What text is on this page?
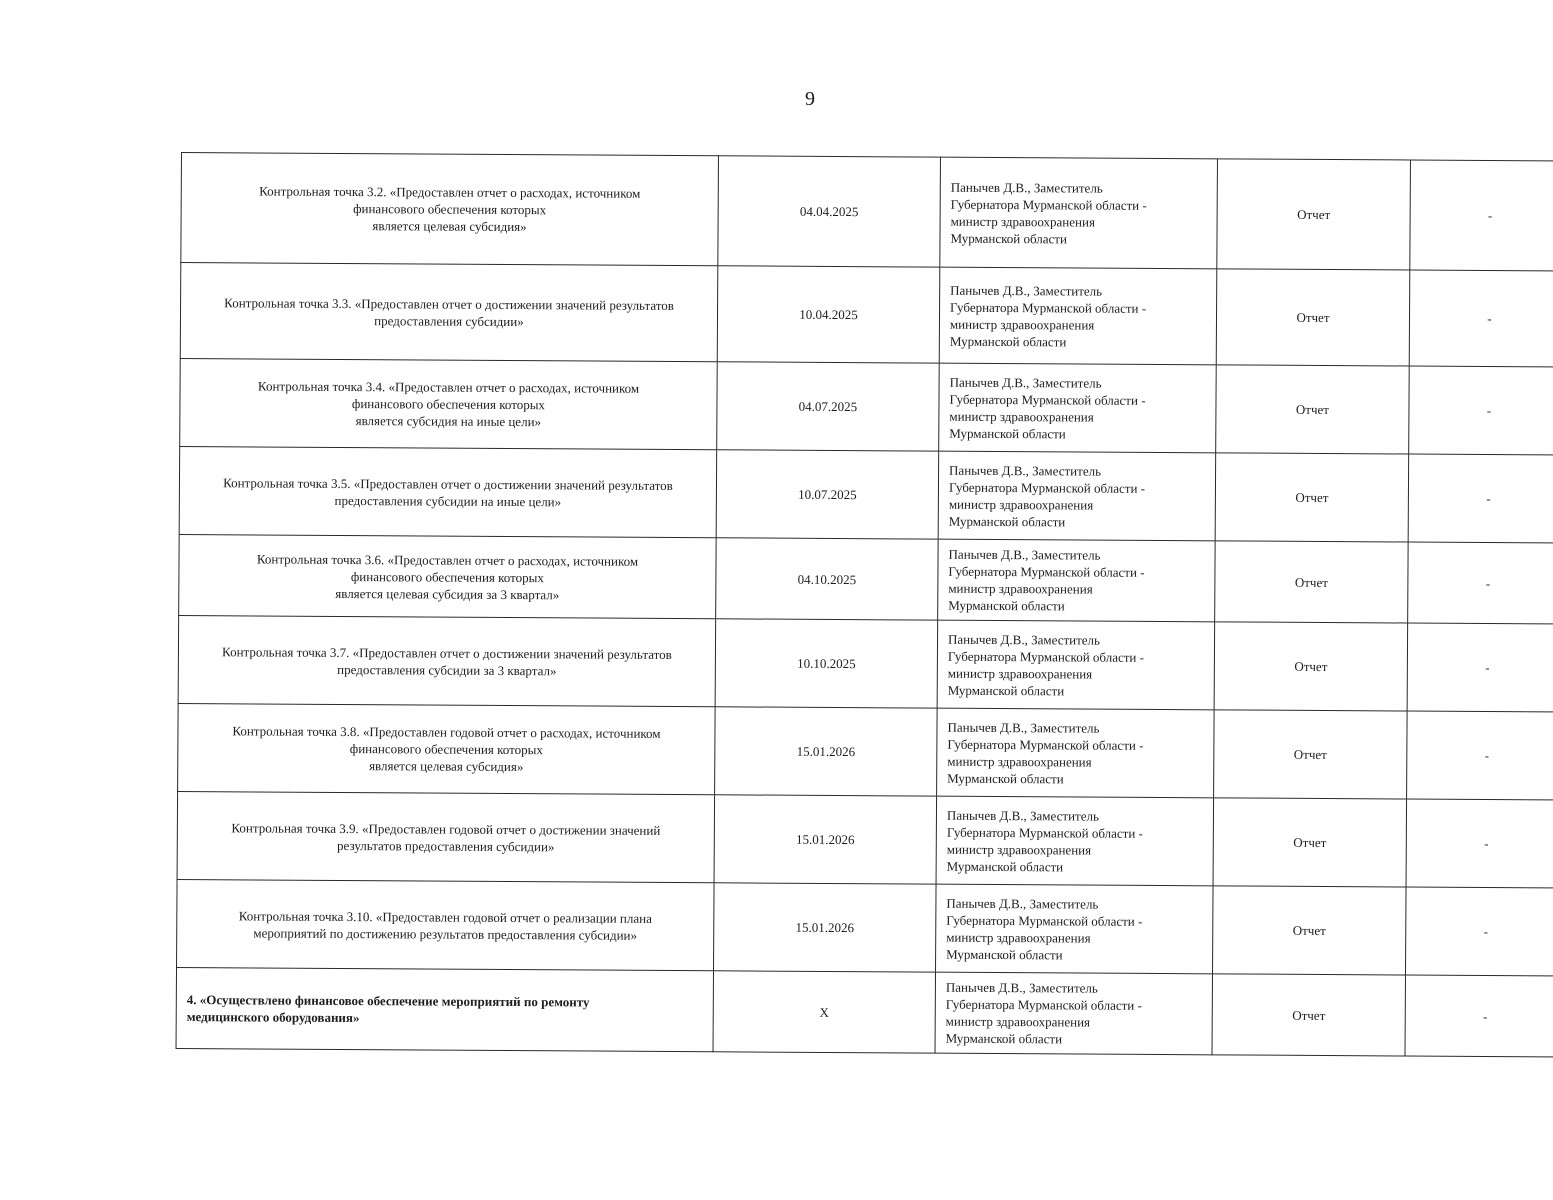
9
Контрольная точка 3.2. «Предоставлен отчет о расходах, источником
финансового обеспечения которых
является целевая субсидия»	04.04.2025	Панычев Д.В., Заместитель
Губернатора Мурманской области -
министр здравоохранения
Мурманской области	Отчет	-

Контрольная точка 3.3. «Предоставлен отчет о достижении значений результатов
предоставления субсидии»	10.04.2025	Панычев Д.В., Заместитель
Губернатора Мурманской области -
министр здравоохранения
Мурманской области	Отчет	-

Контрольная точка 3.4. «Предоставлен отчет о расходах, источником
финансового обеспечения которых
является субсидия на иные цели»	04.07.2025	Панычев Д.В., Заместитель
Губернатора Мурманской области -
министр здравоохранения
Мурманской области	Отчет	-

Контрольная точка 3.5. «Предоставлен отчет о достижении значений результатов
предоставления субсидии на иные цели»	10.07.2025	Панычев Д.В., Заместитель
Губернатора Мурманской области -
министр здравоохранения
Мурманской области	Отчет	-

Контрольная точка 3.6. «Предоставлен отчет о расходах, источником
финансового обеспечения которых
является целевая субсидия за 3 квартал»	04.10.2025	Панычев Д.В., Заместитель
Губернатора Мурманской области -
министр здравоохранения
Мурманской области	Отчет	-

Контрольная точка 3.7. «Предоставлен отчет о достижении значений результатов
предоставления субсидии за 3 квартал»	10.10.2025	Панычев Д.В., Заместитель
Губернатора Мурманской области -
министр здравоохранения
Мурманской области	Отчет	-

Контрольная точка 3.8. «Предоставлен годовой отчет о расходах, источником
финансового обеспечения которых
является целевая субсидия»	15.01.2026	Панычев Д.В., Заместитель
Губернатора Мурманской области -
министр здравоохранения
Мурманской области	Отчет	-

Контрольная точка 3.9. «Предоставлен годовой отчет о достижении значений
результатов предоставления субсидии»	15.01.2026	Панычев Д.В., Заместитель
Губернатора Мурманской области -
министр здравоохранения
Мурманской области	Отчет	-

Контрольная точка 3.10. «Предоставлен годовой отчет о реализации плана
мероприятий по достижению результатов предоставления субсидии»	15.01.2026	Панычев Д.В., Заместитель
Губернатора Мурманской области -
министр здравоохранения
Мурманской области	Отчет	-

4. «Осуществлено финансовое обеспечение мероприятий по ремонту
медицинского оборудования»	X	Панычев Д.В., Заместитель
Губернатора Мурманской области -
министр здравоохранения
Мурманской области	Отчет	-
